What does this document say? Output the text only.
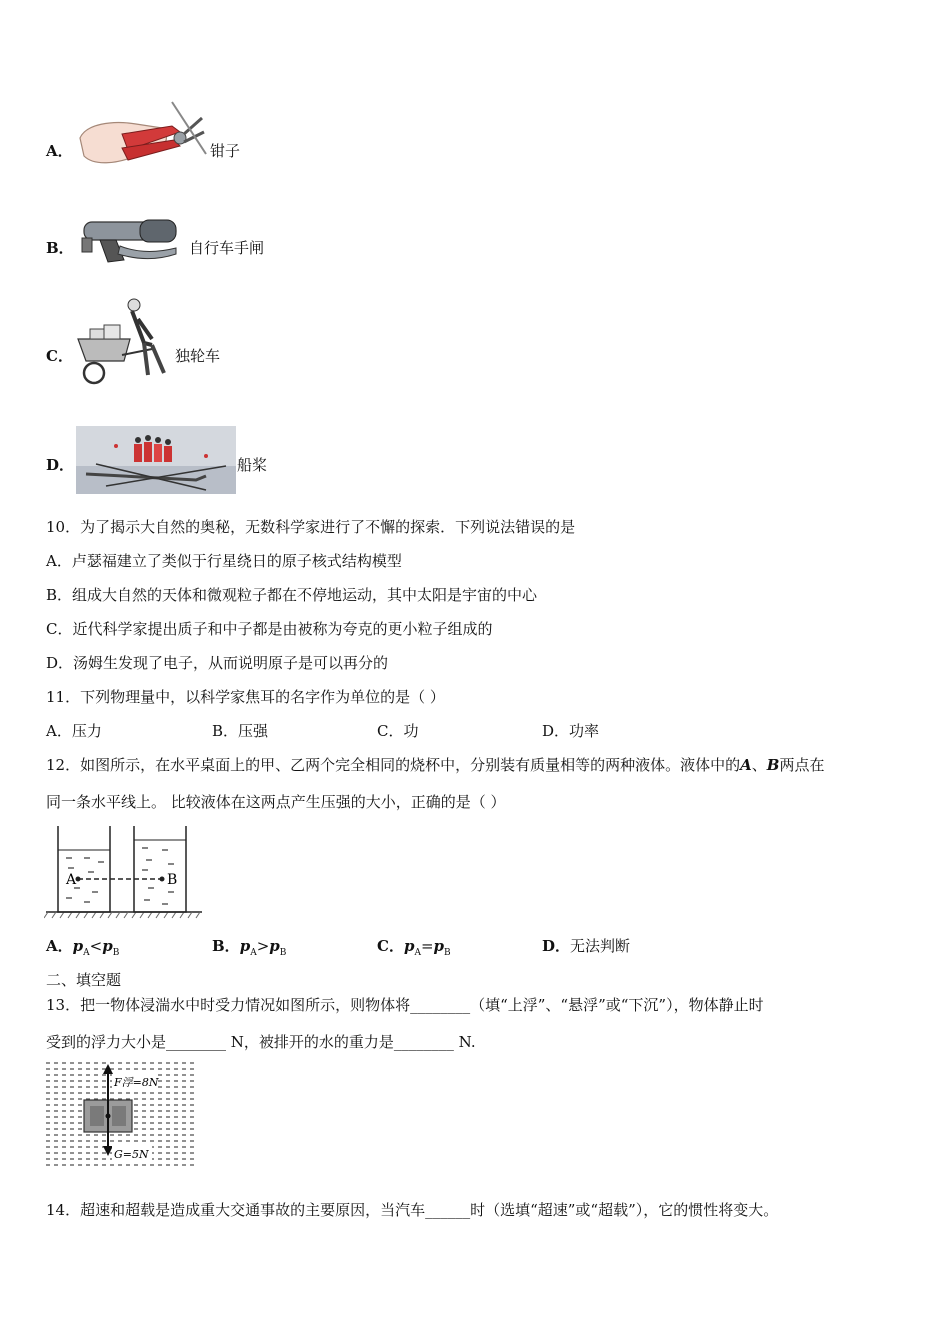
A．	钳子
B．	自行车手闸
C．	独轮车
D．	船桨
10．为了揭示大自然的奥秘，无数科学家进行了不懈的探索．下列说法错误的是
A．卢瑟福建立了类似于行星绕日的原子核式结构模型
B．组成大自然的天体和微观粒子都在不停地运动，其中太阳是宇宙的中心
C．近代科学家提出质子和中子都是由被称为夸克的更小粒子组成的
D．汤姆生发现了电子，从而说明原子是可以再分的
11．下列物理量中，以科学家焦耳的名字作为单位的是（ ）
A．压力	B．压强	C．功	D．功率
12．如图所示，在水平桌面上的甲、乙两个完全相同的烧杯中，分别装有质量相等的两种液体。液体中的A、B两点在
同一条水平线上。 比较液体在这两点产生压强的大小，正确的是（ ）
A	B
A．$p_A<p_B$	B．$p_A>p_B$	C．$p_A=p_B$	D．无法判断
二、填空题
13．把一物体浸湍水中时受力情况如图所示，则物体将________（填“上浮”、“悬浮”或“下沉”），物体静止时
受到的浮力大小是________ N，被排开的水的重力是________ N.
F浮=8N
G=5N
14．超速和超载是造成重大交通事故的主要原因，当汽车______时（选填“超速”或“超载”），它的惯性将变大。
